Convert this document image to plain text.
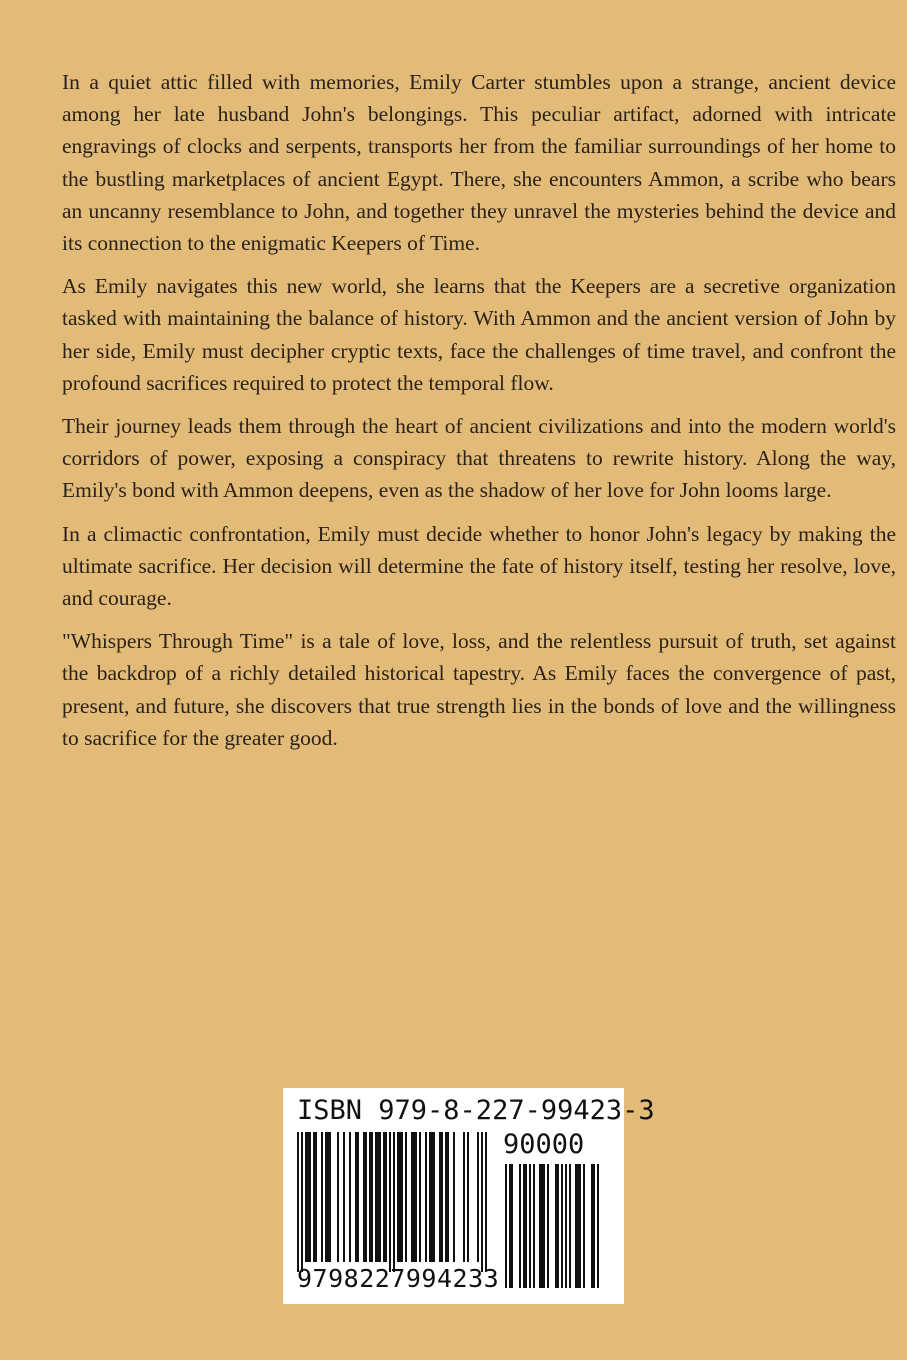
In a quiet attic filled with memories, Emily Carter stumbles upon a strange, ancient device among her late husband John's belongings. This peculiar artifact, adorned with intricate engravings of clocks and serpents, transports her from the familiar surroundings of her home to the bustling marketplaces of ancient Egypt. There, she encounters Ammon, a scribe who bears an uncanny resemblance to John, and together they unravel the mysteries behind the device and its connection to the enigmatic Keepers of Time.

As Emily navigates this new world, she learns that the Keepers are a secretive organization tasked with maintaining the balance of history. With Ammon and the ancient version of John by her side, Emily must decipher cryptic texts, face the challenges of time travel, and confront the profound sacrifices required to protect the temporal flow.

Their journey leads them through the heart of ancient civilizations and into the modern world's corridors of power, exposing a conspiracy that threatens to rewrite history. Along the way, Emily's bond with Ammon deepens, even as the shadow of her love for John looms large.

In a climactic confrontation, Emily must decide whether to honor John's legacy by making the ultimate sacrifice. Her decision will determine the fate of history itself, testing her resolve, love, and courage.

"Whispers Through Time" is a tale of love, loss, and the relentless pursuit of truth, set against the backdrop of a richly detailed historical tapestry. As Emily faces the convergence of past, present, and future, she discovers that true strength lies in the bonds of love and the willingness to sacrifice for the greater good.

ISBN 979-8-227-99423-3
90000
9798227994233
